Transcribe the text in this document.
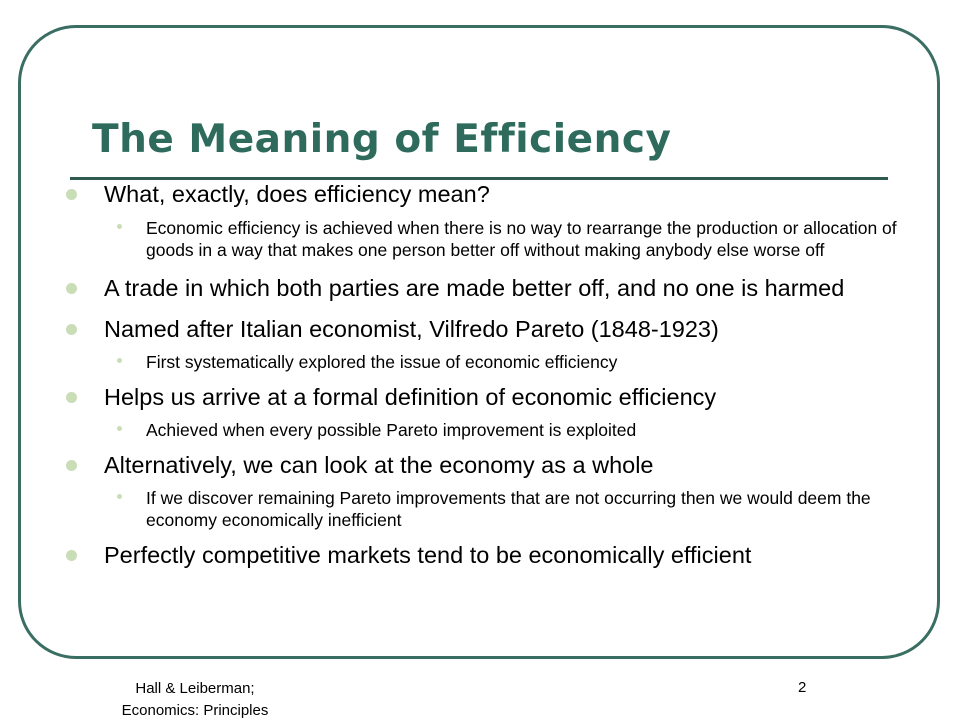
The Meaning of Efficiency
What, exactly, does efficiency mean?
Economic efficiency is achieved when there is no way to rearrange the production or allocation of goods in a way that makes one person better off without making anybody else worse off
A trade in which both parties are made better off, and no one is harmed
Named after Italian economist, Vilfredo Pareto (1848-1923)
First systematically explored the issue of economic efficiency
Helps us arrive at a formal definition of economic efficiency
Achieved when every possible Pareto improvement is exploited
Alternatively, we can look at the economy as a whole
If we discover remaining Pareto improvements that are not occurring then we would deem the economy economically inefficient
Perfectly competitive markets tend to be economically efficient
Hall & Leiberman;
Economics: Principles
2
